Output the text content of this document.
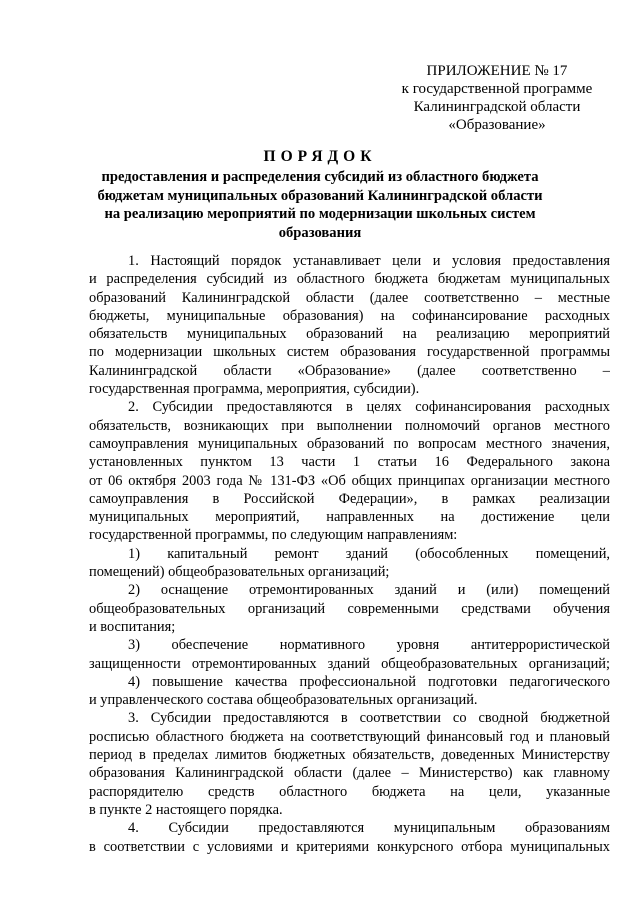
ПРИЛОЖЕНИЕ № 17
к государственной программе
Калининградской области
«Образование»
ПОРЯДОК
предоставления и распределения субсидий из областного бюджета
бюджетам муниципальных образований Калининградской области
на реализацию мероприятий по модернизации школьных систем
образования
1. Настоящий порядок устанавливает цели и условия предоставления
и распределения субсидий из областного бюджета бюджетам муниципальных
образований Калининградской области (далее соответственно – местные
бюджеты, муниципальные образования) на софинансирование расходных
обязательств муниципальных образований на реализацию мероприятий
по модернизации школьных систем образования государственной программы
Калининградской области «Образование» (далее соответственно –
государственная программа, мероприятия, субсидии).
2. Субсидии предоставляются в целях софинансирования расходных
обязательств, возникающих при выполнении полномочий органов местного
самоуправления муниципальных образований по вопросам местного значения,
установленных пунктом 13 части 1 статьи 16 Федерального закона
от 06 октября 2003 года № 131-ФЗ «Об общих принципах организации местного
самоуправления в Российской Федерации», в рамках реализации
муниципальных мероприятий, направленных на достижение цели
государственной программы, по следующим направлениям:
1) капитальный ремонт зданий (обособленных помещений,
помещений) общеобразовательных организаций;
2) оснащение отремонтированных зданий и (или) помещений
общеобразовательных организаций современными средствами обучения
и воспитания;
3) обеспечение нормативного уровня антитеррористической
защищенности отремонтированных зданий общеобразовательных организаций;
4) повышение качества профессиональной подготовки педагогического
и управленческого состава общеобразовательных организаций.
3. Субсидии предоставляются в соответствии со сводной бюджетной
росписью областного бюджета на соответствующий финансовый год и плановый
период в пределах лимитов бюджетных обязательств, доведенных Министерству
образования Калининградской области (далее – Министерство) как главному
распорядителю средств областного бюджета на цели, указанные
в пункте 2 настоящего порядка.
4. Субсидии предоставляются муниципальным образованиям
в соответствии с условиями и критериями конкурсного отбора муниципальных
